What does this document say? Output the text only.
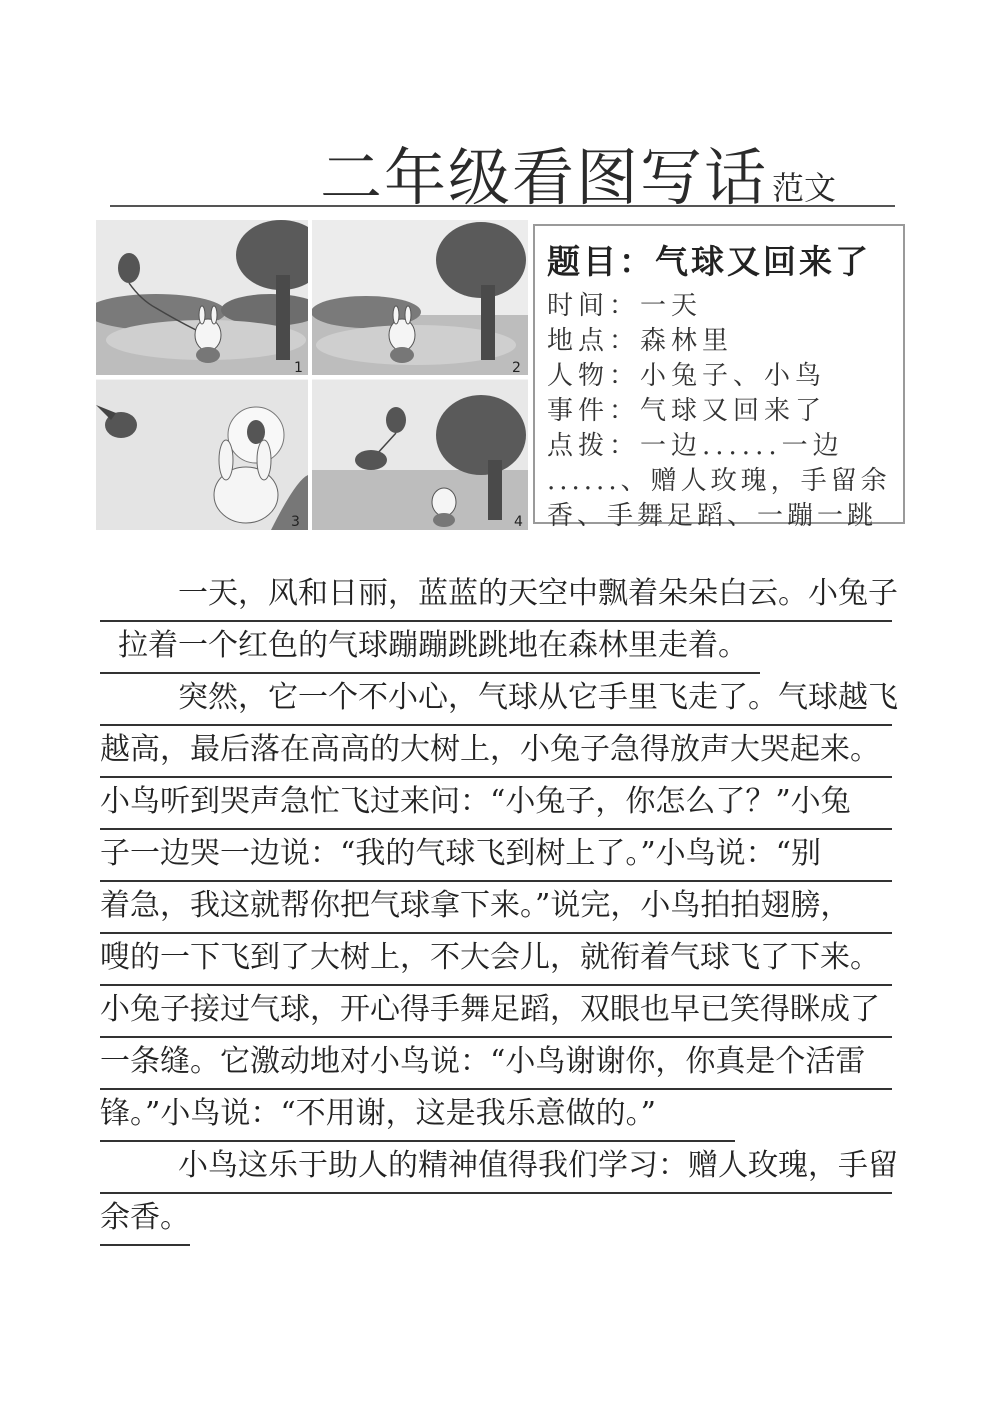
二年级看图写话 范文
1	2
3	4
题目：气球又回来了
时间：一天
地点：森林里
人物：小兔子、小鸟
事件：气球又回来了
点拨：一边......一边
......、赠人玫瑰，手留余
香、手舞足蹈、一蹦一跳
一天，风和日丽，蓝蓝的天空中飘着朵朵白云。小兔子
拉着一个红色的气球蹦蹦跳跳地在森林里走着。
突然，它一个不小心，气球从它手里飞走了。气球越飞
越高，最后落在高高的大树上，小兔子急得放声大哭起来。
小鸟听到哭声急忙飞过来问：“小兔子，你怎么了？”小兔
子一边哭一边说：“我的气球飞到树上了。”小鸟说：“别
着急，我这就帮你把气球拿下来。”说完，小鸟拍拍翅膀，
嗖的一下飞到了大树上，不大会儿，就衔着气球飞了下来。
小兔子接过气球，开心得手舞足蹈，双眼也早已笑得眯成了
一条缝。它激动地对小鸟说：“小鸟谢谢你，你真是个活雷
锋。”小鸟说：“不用谢，这是我乐意做的。”
小鸟这乐于助人的精神值得我们学习：赠人玫瑰，手留
余香。
